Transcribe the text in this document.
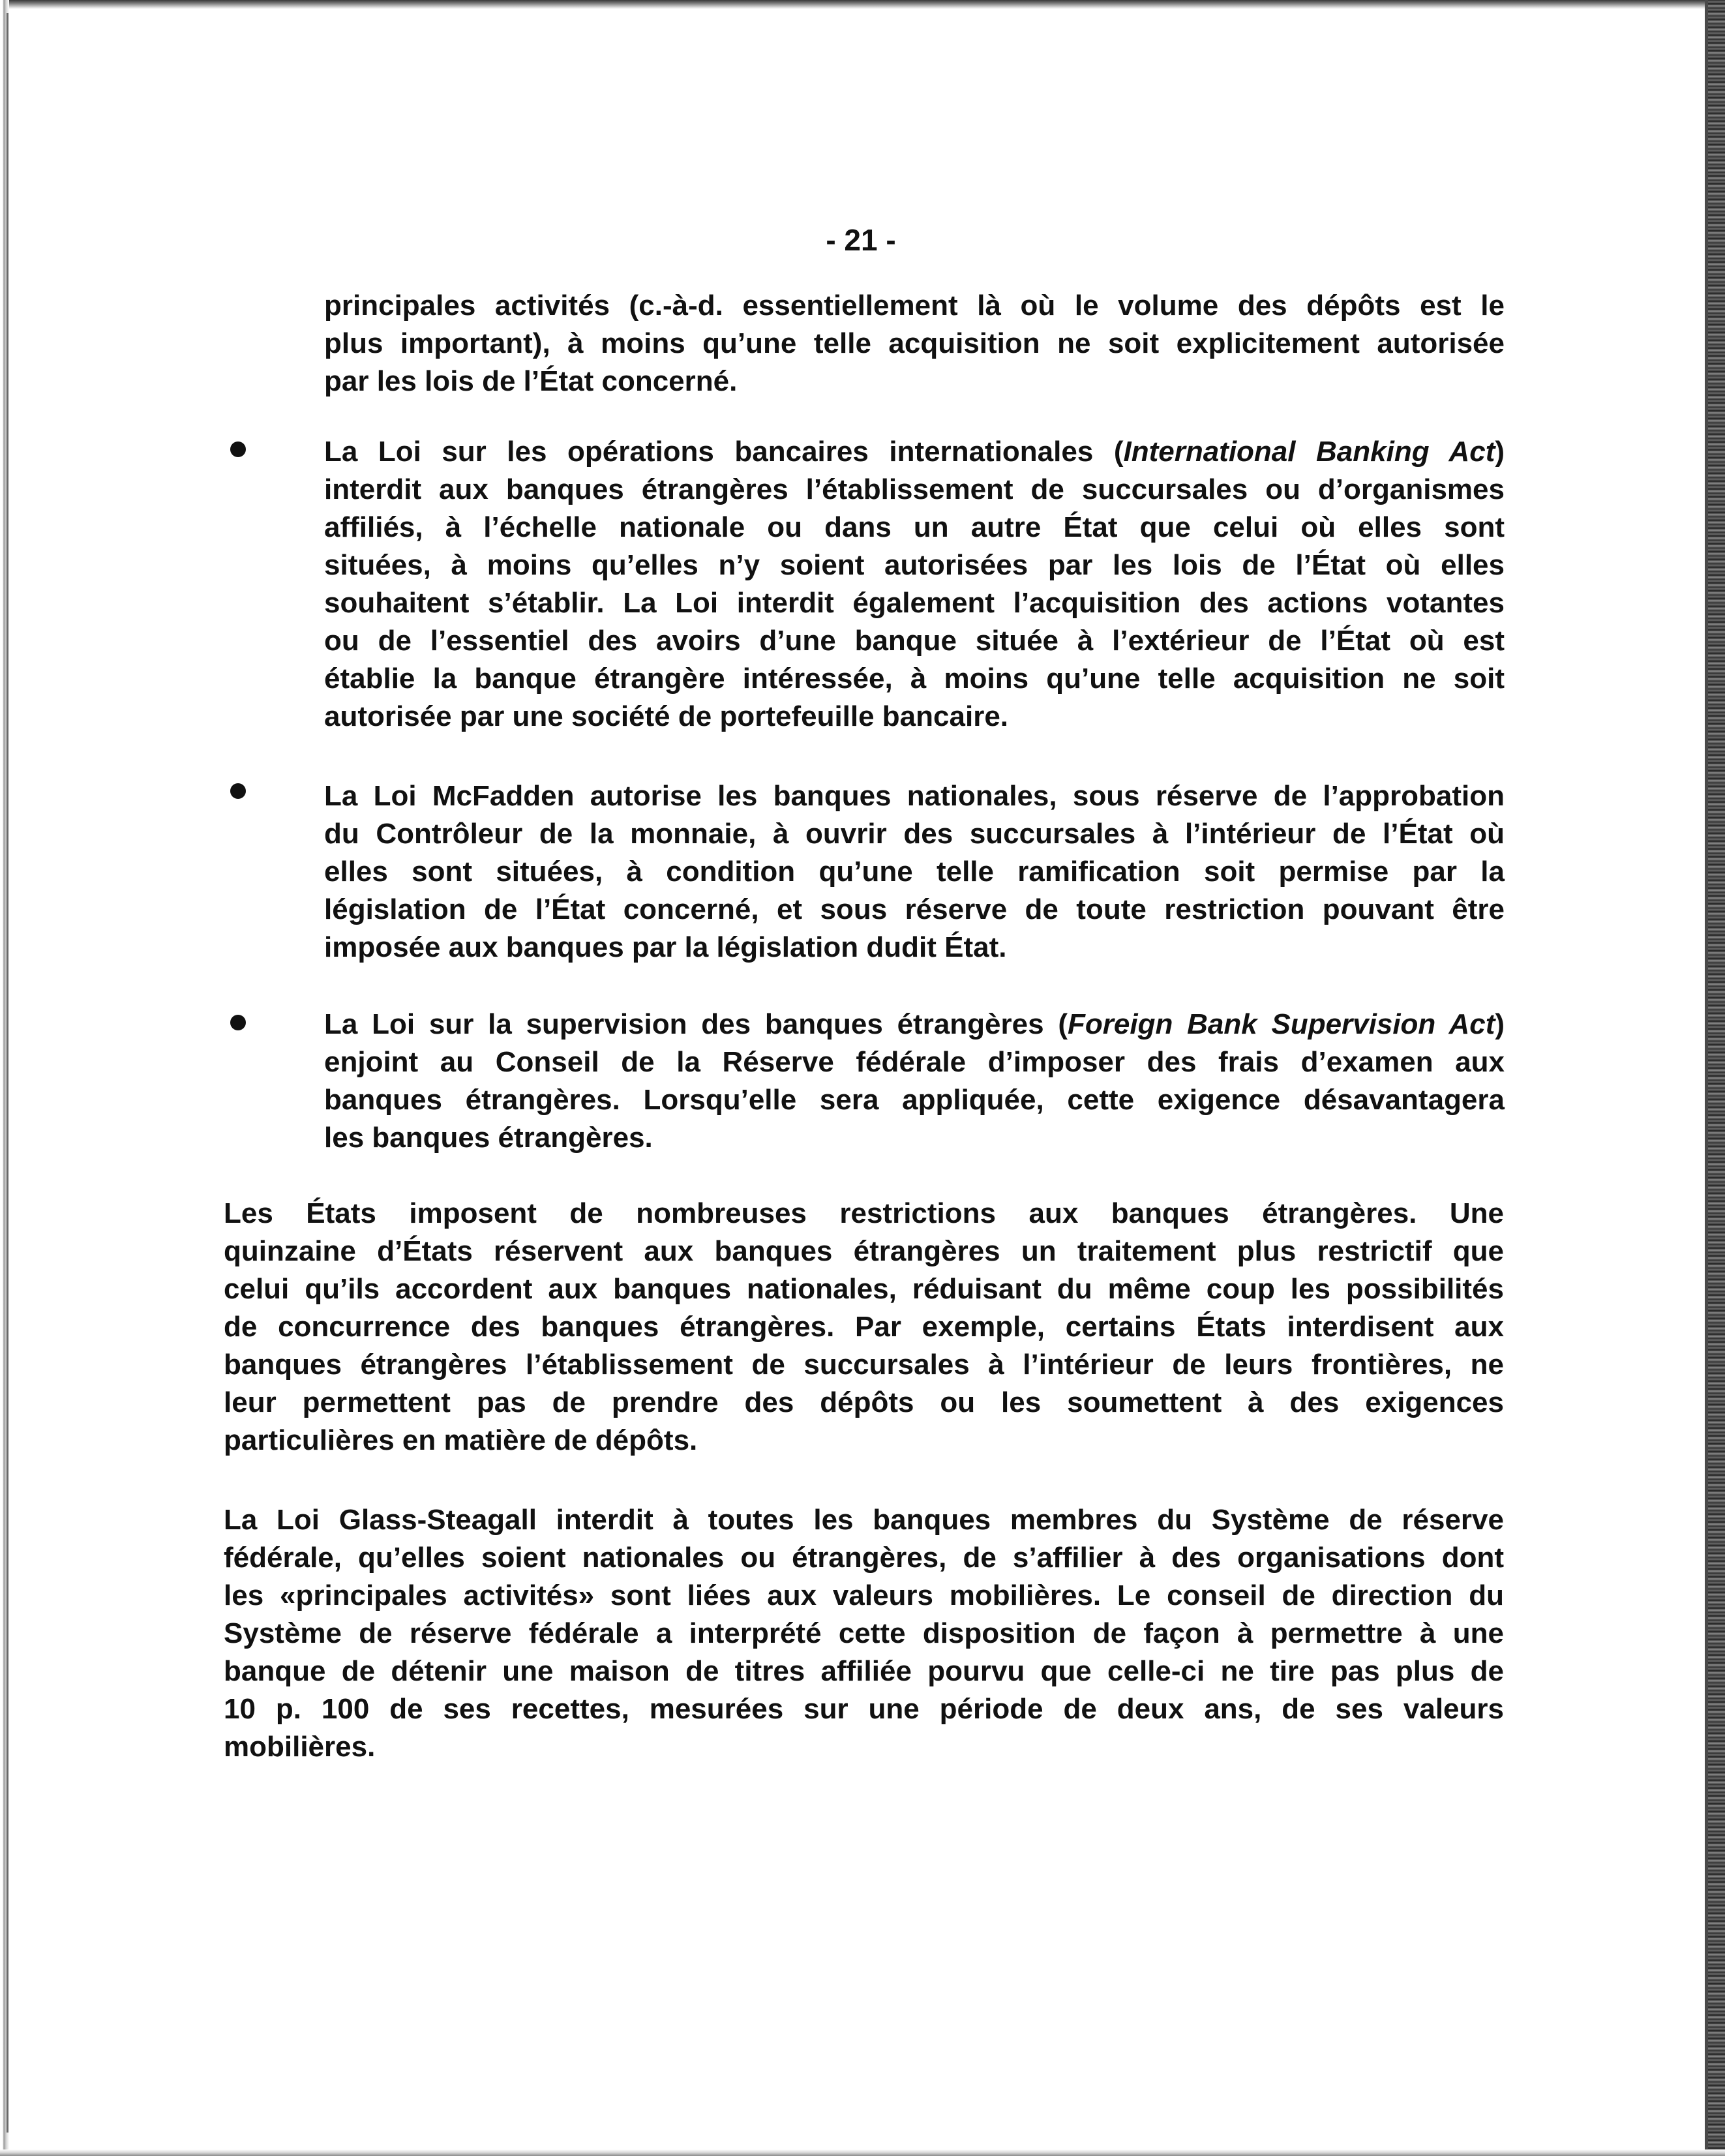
- 21 -
principales activités (c.-à-d. essentiellement là où le volume des dépôts est le
plus important), à moins qu’une telle acquisition ne soit explicitement autorisée
par les lois de l’État concerné.
La Loi sur les opérations bancaires internationales (International Banking Act)
interdit aux banques étrangères l’établissement de succursales ou d’organismes
affiliés, à l’échelle nationale ou dans un autre État que celui où elles sont
situées, à moins qu’elles n’y soient autorisées par les lois de l’État où elles
souhaitent s’établir. La Loi interdit également l’acquisition des actions votantes
ou de l’essentiel des avoirs d’une banque située à l’extérieur de l’État où est
établie la banque étrangère intéressée, à moins qu’une telle acquisition ne soit
autorisée par une société de portefeuille bancaire.
La Loi McFadden autorise les banques nationales, sous réserve de l’approbation
du Contrôleur de la monnaie, à ouvrir des succursales à l’intérieur de l’État où
elles sont situées, à condition qu’une telle ramification soit permise par la
législation de l’État concerné, et sous réserve de toute restriction pouvant être
imposée aux banques par la législation dudit État.
La Loi sur la supervision des banques étrangères (Foreign Bank Supervision Act)
enjoint au Conseil de la Réserve fédérale d’imposer des frais d’examen aux
banques étrangères. Lorsqu’elle sera appliquée, cette exigence désavantagera
les banques étrangères.
Les États imposent de nombreuses restrictions aux banques étrangères. Une
quinzaine d’États réservent aux banques étrangères un traitement plus restrictif que
celui qu’ils accordent aux banques nationales, réduisant du même coup les possibilités
de concurrence des banques étrangères. Par exemple, certains États interdisent aux
banques étrangères l’établissement de succursales à l’intérieur de leurs frontières, ne
leur permettent pas de prendre des dépôts ou les soumettent à des exigences
particulières en matière de dépôts.
La Loi Glass-Steagall interdit à toutes les banques membres du Système de réserve
fédérale, qu’elles soient nationales ou étrangères, de s’affilier à des organisations dont
les «principales activités» sont liées aux valeurs mobilières. Le conseil de direction du
Système de réserve fédérale a interprété cette disposition de façon à permettre à une
banque de détenir une maison de titres affiliée pourvu que celle-ci ne tire pas plus de
10 p. 100 de ses recettes, mesurées sur une période de deux ans, de ses valeurs
mobilières.
